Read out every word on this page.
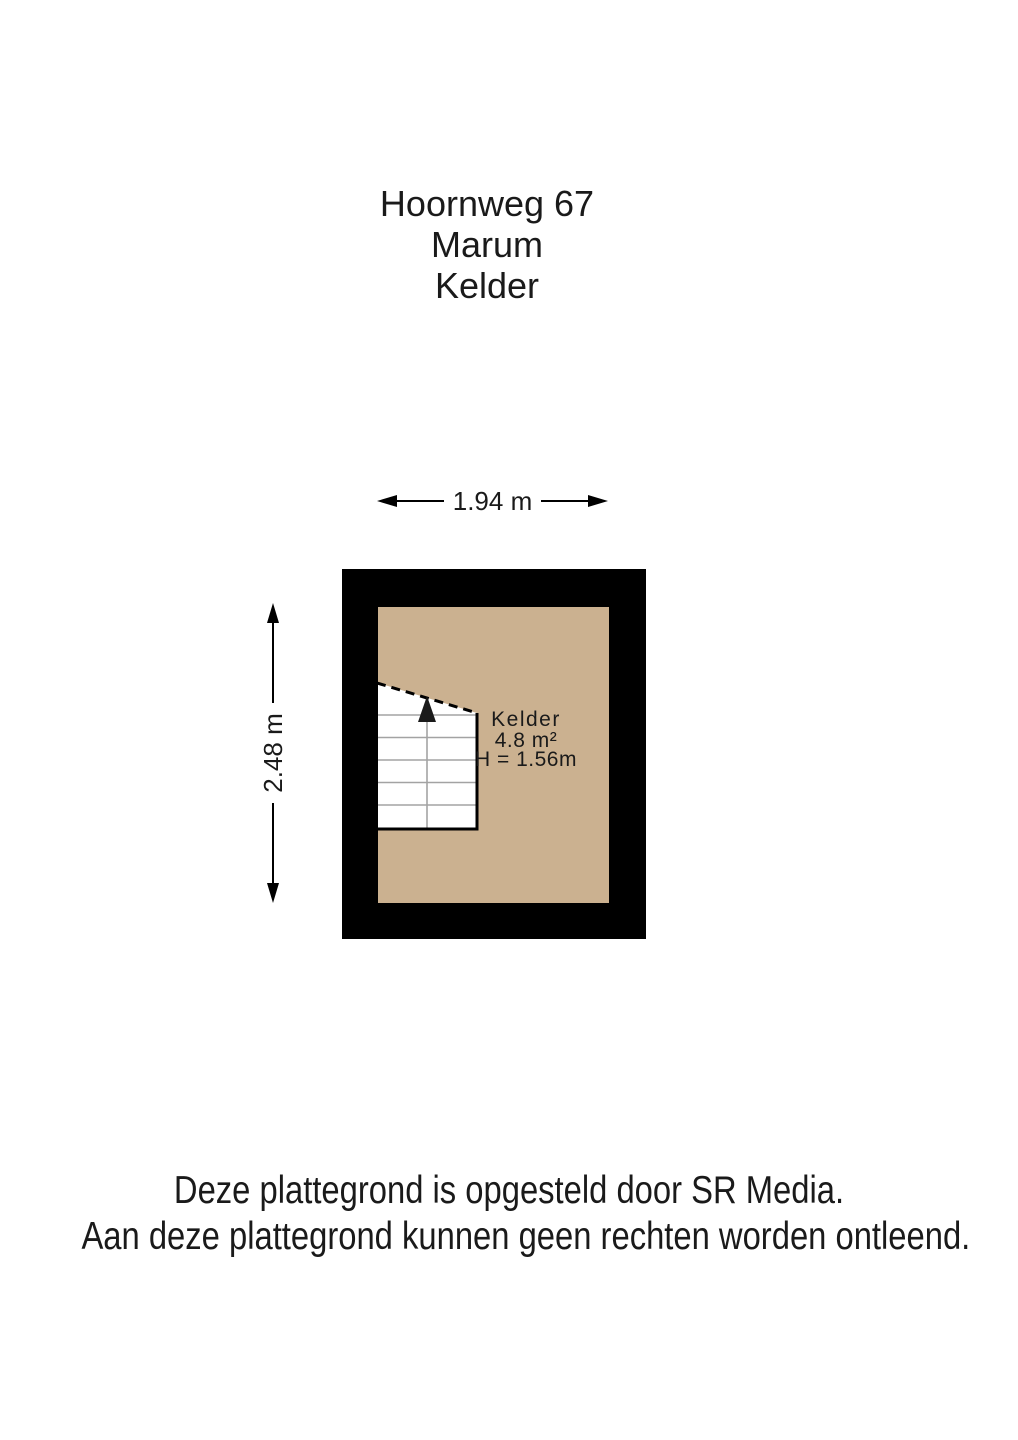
Hoornweg 67
Marum
Kelder
1.94 m
2.48 m	Kelder
4.8 m²
H = 1.56m
Deze plattegrond is opgesteld door SR Media.
Aan deze plattegrond kunnen geen rechten worden ontleend.
